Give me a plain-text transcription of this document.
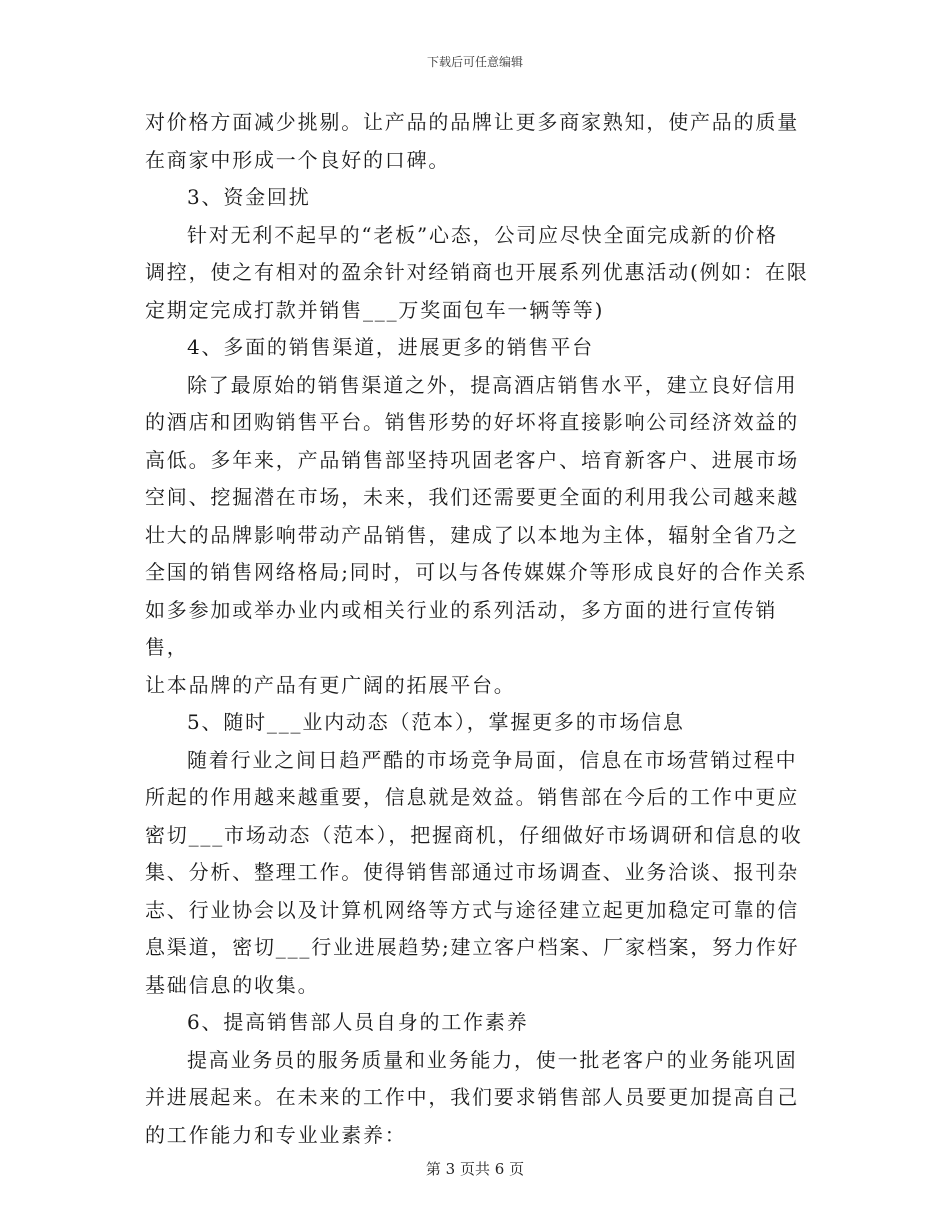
下载后可任意编辑

对价格方面减少挑剔。让产品的品牌让更多商家熟知，使产品的质量

在商家中形成一个良好的口碑。

3、资金回扰

针对无利不起早的“老板”心态，公司应尽快全面完成新的价格

调控，使之有相对的盈余针对经销商也开展系列优惠活动(例如：在限

定期定完成打款并销售___万奖面包车一辆等等)

4、多面的销售渠道，进展更多的销售平台

除了最原始的销售渠道之外，提高酒店销售水平，建立良好信用

的酒店和团购销售平台。销售形势的好坏将直接影响公司经济效益的

高低。多年来，产品销售部坚持巩固老客户、培育新客户、进展市场

空间、挖掘潜在市场，未来，我们还需要更全面的利用我公司越来越

壮大的品牌影响带动产品销售，建成了以本地为主体，辐射全省乃之

全国的销售网络格局;同时，可以与各传媒媒介等形成良好的合作关系

如多参加或举办业内或相关行业的系列活动，多方面的进行宣传销售，

让本品牌的产品有更广阔的拓展平台。

5、随时___业内动态（范本），掌握更多的市场信息

随着行业之间日趋严酷的市场竞争局面，信息在市场营销过程中

所起的作用越来越重要，信息就是效益。销售部在今后的工作中更应

密切___市场动态（范本），把握商机，仔细做好市场调研和信息的收

集、分析、整理工作。使得销售部通过市场调查、业务洽谈、报刊杂

志、行业协会以及计算机网络等方式与途径建立起更加稳定可靠的信

息渠道，密切___行业进展趋势;建立客户档案、厂家档案，努力作好

基础信息的收集。

6、提高销售部人员自身的工作素养

提高业务员的服务质量和业务能力，使一批老客户的业务能巩固

并进展起来。在未来的工作中，我们要求销售部人员要更加提高自己

的工作能力和专业业素养：

第 3 页共 6 页
